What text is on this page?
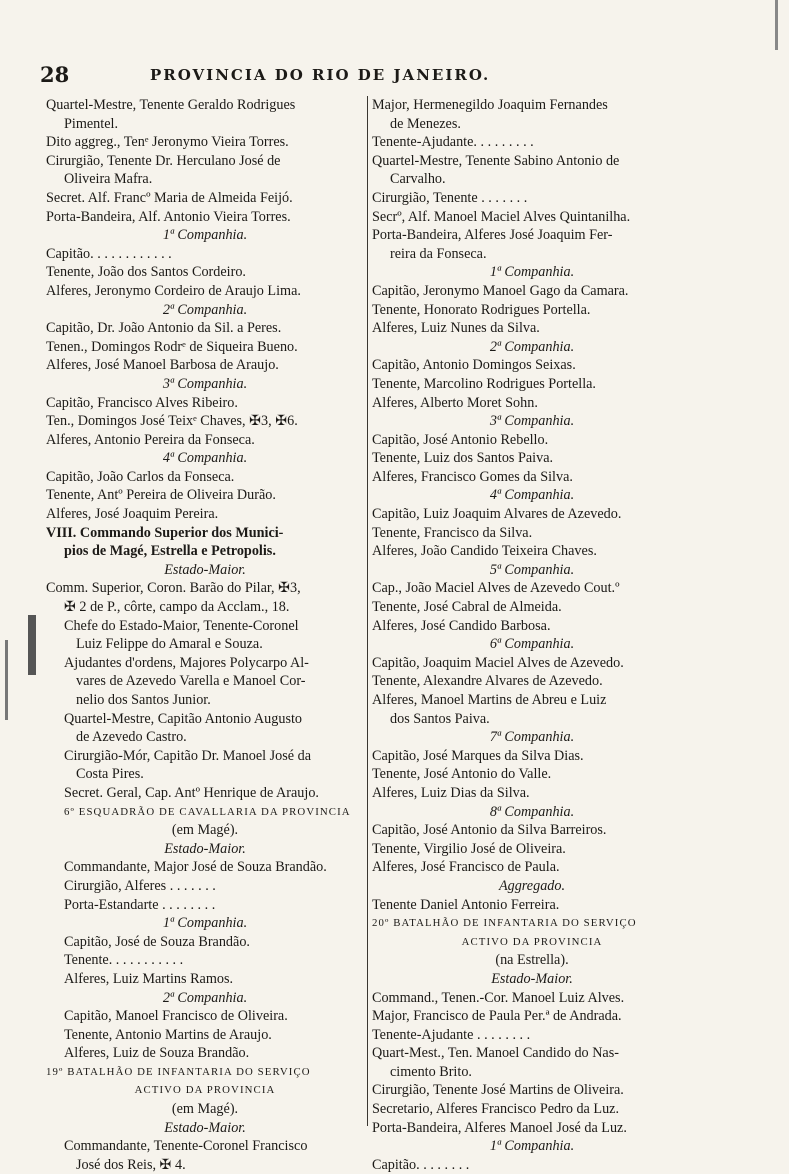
28	PROVINCIA DO RIO DE JANEIRO.
Quartel-Mestre, Tenente Geraldo Rodrigues
Pimentel.
Dito aggreg., Tenᵉ Jeronymo Vieira Torres.
Cirurgião, Tenente Dr. Herculano José de
Oliveira Mafra.
Secret. Alf. Francº Maria de Almeida Feijó.
Porta-Bandeira, Alf. Antonio Vieira Torres.
1ª Companhia.
Capitão. . . . . . . . . . . .
Tenente, João dos Santos Cordeiro.
Alferes, Jeronymo Cordeiro de Araujo Lima.
2ª Companhia.
Capitão, Dr. João Antonio da Sil. a Peres.
Tenen., Domingos Rodrᵉ de Siqueira Bueno.
Alferes, José Manoel Barbosa de Araujo.
3ª Companhia.
Capitão, Francisco Alves Ribeiro.
Ten., Domingos José Teixᵉ Chaves, ✠3, ✠6.
Alferes, Antonio Pereira da Fonseca.
4ª Companhia.
Capitão, João Carlos da Fonseca.
Tenente, Antº Pereira de Oliveira Durão.
Alferes, José Joaquim Pereira.
VIII. Commando Superior dos Munici-
pios de Magé, Estrella e Petropolis.
Estado-Maior.
Comm. Superior, Coron. Barão do Pilar, ✠3,
✠ 2 de P., côrte, campo da Acclam., 18.
Chefe do Estado-Maior, Tenente-Coronel
Luiz Felippe do Amaral e Souza.
Ajudantes d'ordens, Majores Polycarpo Al-
vares de Azevedo Varella e Manoel Cor-
nelio dos Santos Junior.
Quartel-Mestre, Capitão Antonio Augusto
de Azevedo Castro.
Cirurgião-Mór, Capitão Dr. Manoel José da
Costa Pires.
Secret. Geral, Cap. Antº Henrique de Araujo.
6º ESQUADRÃO DE CAVALLARIA DA PROVINCIA
(em Magé).
Estado-Maior.
Commandante, Major José de Souza Brandão.
Cirurgião, Alferes . . . . . . .
Porta-Estandarte . . . . . . . .
1ª Companhia.
Capitão, José de Souza Brandão.
Tenente. . . . . . . . . . .
Alferes, Luiz Martins Ramos.
2ª Companhia.
Capitão, Manoel Francisco de Oliveira.
Tenente, Antonio Martins de Araujo.
Alferes, Luiz de Souza Brandão.
19º BATALHÃO DE INFANTARIA DO SERVIÇO
ACTIVO DA PROVINCIA
(em Magé).
Estado-Maior.
Commandante, Tenente-Coronel Francisco
José dos Reis, ✠ 4.
Major, Hermenegildo Joaquim Fernandes
de Menezes.
Tenente-Ajudante. . . . . . . . .
Quartel-Mestre, Tenente Sabino Antonio de
Carvalho.
Cirurgião, Tenente . . . . . . .
Secrº, Alf. Manoel Maciel Alves Quintanilha.
Porta-Bandeira, Alferes José Joaquim Fer-
reira da Fonseca.
1ª Companhia.
Capitão, Jeronymo Manoel Gago da Camara.
Tenente, Honorato Rodrigues Portella.
Alferes, Luiz Nunes da Silva.
2ª Companhia.
Capitão, Antonio Domingos Seixas.
Tenente, Marcolino Rodrigues Portella.
Alferes, Alberto Moret Sohn.
3ª Companhia.
Capitão, José Antonio Rebello.
Tenente, Luiz dos Santos Paiva.
Alferes, Francisco Gomes da Silva.
4ª Companhia.
Capitão, Luiz Joaquim Alvares de Azevedo.
Tenente, Francisco da Silva.
Alferes, João Candido Teixeira Chaves.
5ª Companhia.
Cap., João Maciel Alves de Azevedo Cout.º
Tenente, José Cabral de Almeida.
Alferes, José Candido Barbosa.
6ª Companhia.
Capitão, Joaquim Maciel Alves de Azevedo.
Tenente, Alexandre Alvares de Azevedo.
Alferes, Manoel Martins de Abreu e Luiz
dos Santos Paiva.
7ª Companhia.
Capitão, José Marques da Silva Dias.
Tenente, José Antonio do Valle.
Alferes, Luiz Dias da Silva.
8ª Companhia.
Capitão, José Antonio da Silva Barreiros.
Tenente, Virgilio José de Oliveira.
Alferes, José Francisco de Paula.
Aggregado.
Tenente Daniel Antonio Ferreira.
20º BATALHÃO DE INFANTARIA DO SERVIÇO
ACTIVO DA PROVINCIA
(na Estrella).
Estado-Maior.
Command., Tenen.-Cor. Manoel Luiz Alves.
Major, Francisco de Paula Per.ª de Andrada.
Tenente-Ajudante . . . . . . . .
Quart-Mest., Ten. Manoel Candido do Nas-
cimento Brito.
Cirurgião, Tenente José Martins de Oliveira.
Secretario, Alferes Francisco Pedro da Luz.
Porta-Bandeira, Alferes Manoel José da Luz.
1ª Companhia.
Capitão. . . . . . . .
